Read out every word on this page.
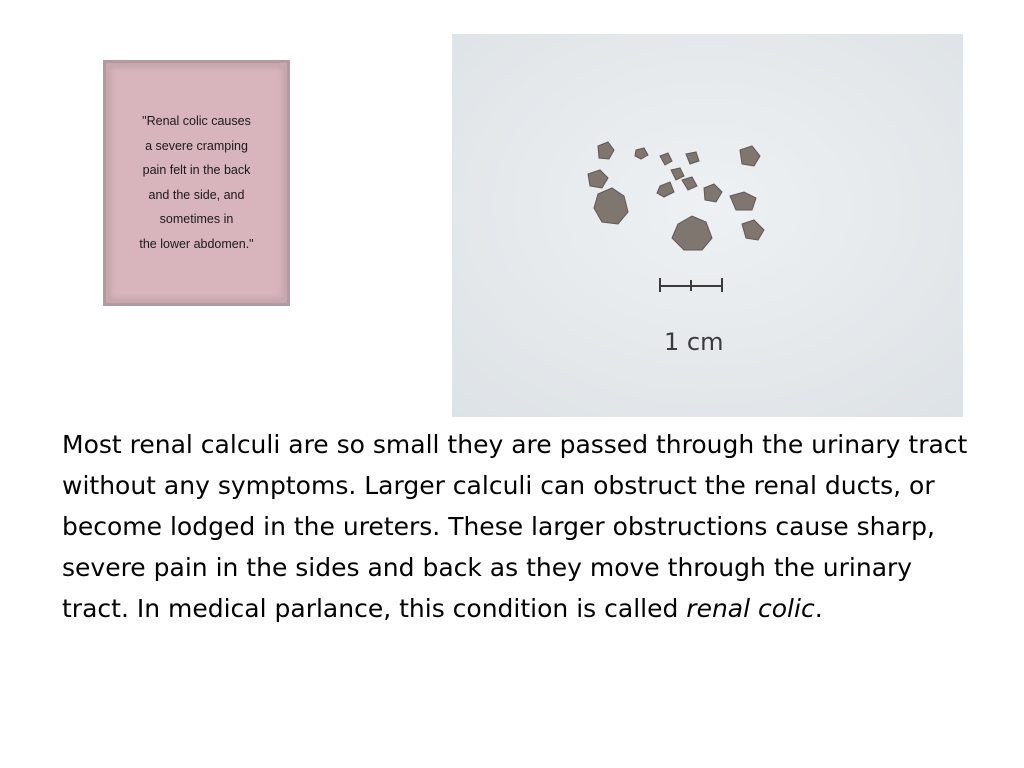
"Renal colic causes
a severe cramping
pain felt in the back
and the side, and
sometimes in
the lower abdomen."

1 cm

Most renal calculi are so small they are passed through the urinary tract without any symptoms. Larger calculi can obstruct the renal ducts, or become lodged in the ureters. These larger obstructions cause sharp, severe pain in the sides and back as they move through the urinary tract. In medical parlance, this condition is called renal colic.
